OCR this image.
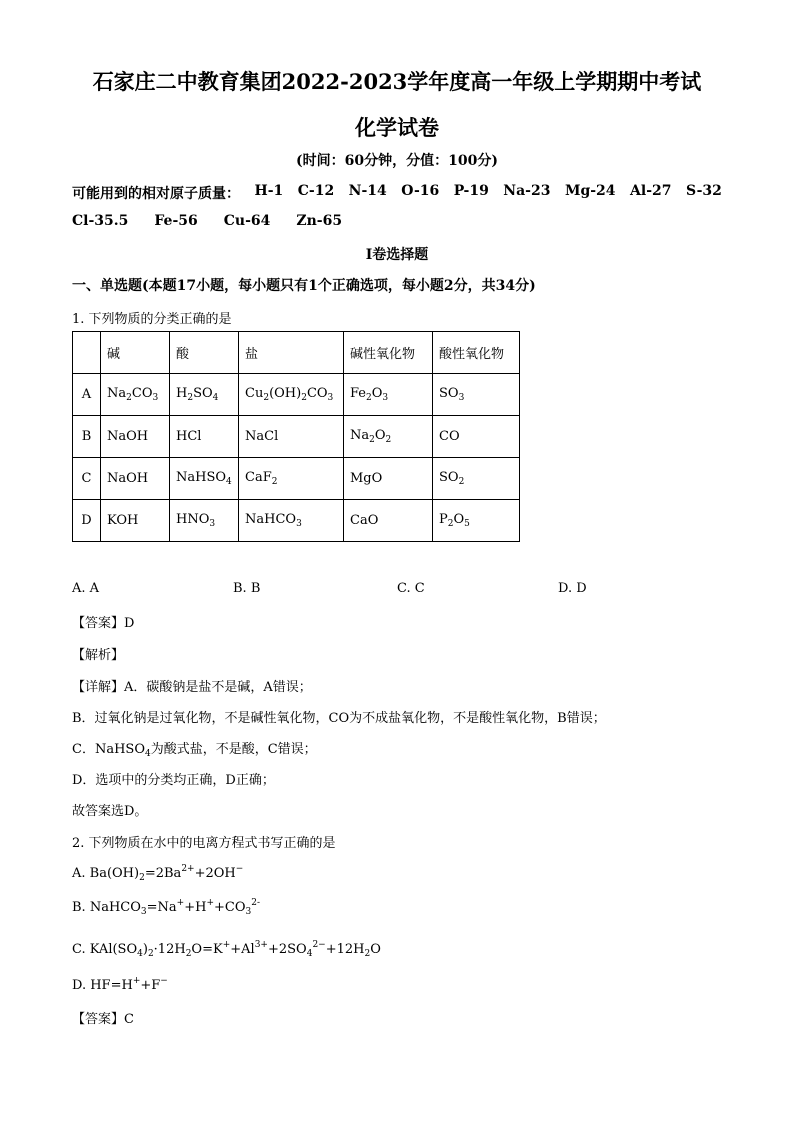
石家庄二中教育集团2022-2023学年度高一年级上学期期中考试
化学试卷
(时间：60分钟，分值：100分)
可能用到的相对原子质量： H-1 C-12 N-14 O-16 P-19 Na-23 Mg-24 Al-27 S-32
Cl-35.5 Fe-56 Cu-64 Zn-65
I卷选择题
一、单选题(本题17小题，每小题只有1个正确选项，每小题2分，共34分)
1. 下列物质的分类正确的是
	碱	酸	盐	碱性氧化物	酸性氧化物
A	$Na_2CO_3$	$H_2SO_4$	$Cu_2(OH)_2CO_3$	$Fe_2O_3$	$SO_3$
B	NaOH	HCl	NaCl	$Na_2O_2$	CO
C	NaOH	NaHSO$_4$	CaF$_2$	MgO	$SO_2$
D	KOH	$HNO_3$	NaHCO$_3$	CaO	$P_2O_5$
A. A	B. B	C. C	D. D
【答案】D
【解析】
【详解】A．碳酸钠是盐不是碱，A错误；
B．过氧化钠是过氧化物，不是碱性氧化物，CO为不成盐氧化物，不是酸性氧化物，B错误；
C．NaHSO$_4$为酸式盐，不是酸，C错误；
D．选项中的分类均正确，D正确；
故答案选D。
2. 下列物质在水中的电离方程式书写正确的是
A. $Ba(OH)_2=2Ba^{2+}+2OH^-$
B. $NaHCO_3=Na^++H^++CO_3^{2-}$
C. $KAl(SO_4)_2\cdot 12H_2O=K^++Al^{3+}+2SO_4^{2-}+12H_2O$
D. HF=H++F−
【答案】C
